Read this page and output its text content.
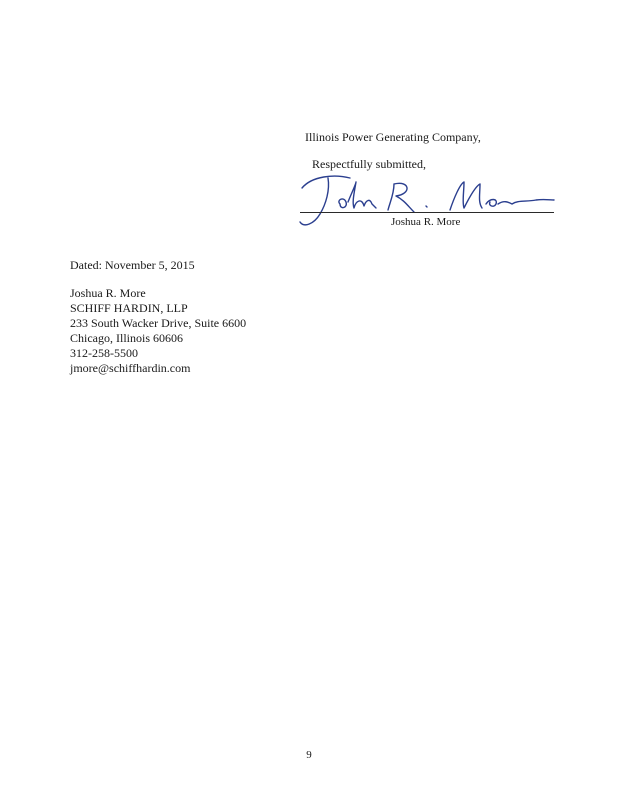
Illinois Power Generating Company,
Respectfully submitted,
Joshua R. More
Dated: November 5, 2015
Joshua R. More
SCHIFF HARDIN, LLP
233 South Wacker Drive, Suite 6600
Chicago, Illinois 60606
312-258-5500
jmore@schiffhardin.com
9
